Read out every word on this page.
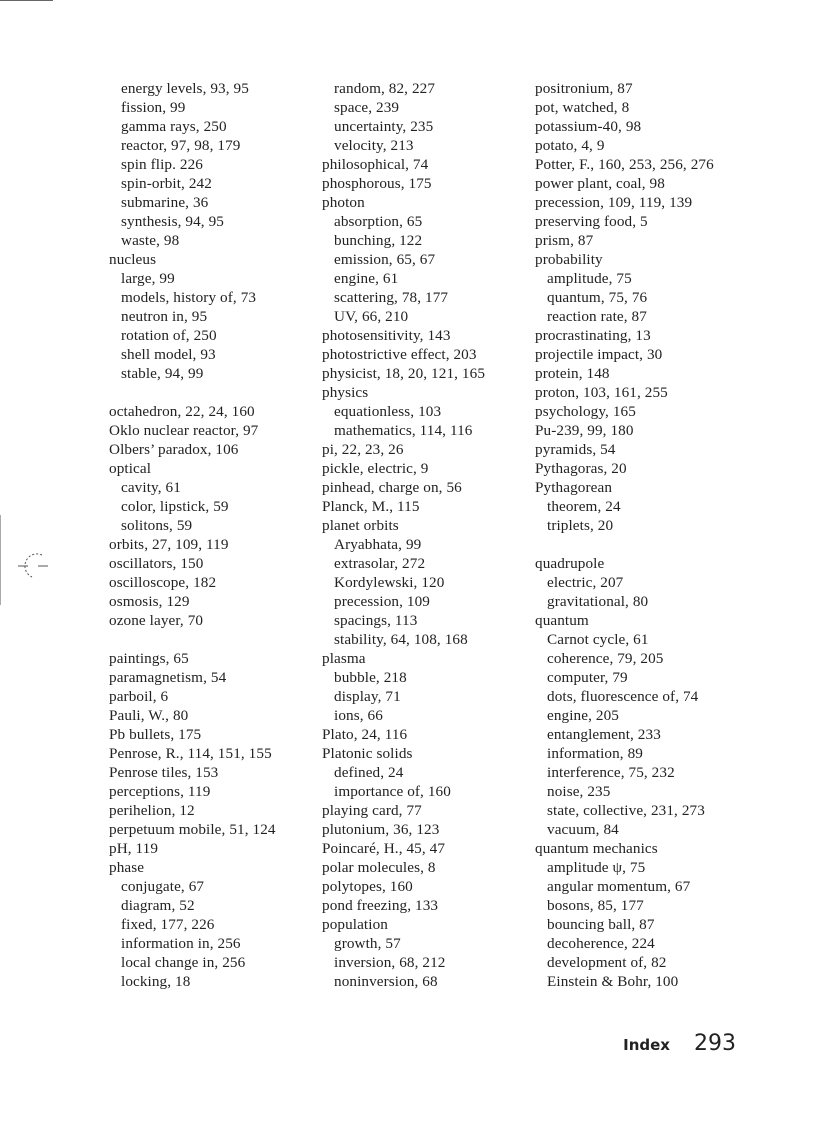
energy levels, 93, 95
fission, 99
gamma rays, 250
reactor, 97, 98, 179
spin flip. 226
spin-orbit, 242
submarine, 36
synthesis, 94, 95
waste, 98
nucleus
large, 99
models, history of, 73
neutron in, 95
rotation of, 250
shell model, 93
stable, 94, 99
octahedron, 22, 24, 160
Oklo nuclear reactor, 97
Olbers’ paradox, 106
optical
cavity, 61
color, lipstick, 59
solitons, 59
orbits, 27, 109, 119
oscillators, 150
oscilloscope, 182
osmosis, 129
ozone layer, 70
paintings, 65
paramagnetism, 54
parboil, 6
Pauli, W., 80
Pb bullets, 175
Penrose, R., 114, 151, 155
Penrose tiles, 153
perceptions, 119
perihelion, 12
perpetuum mobile, 51, 124
pH, 119
phase
conjugate, 67
diagram, 52
fixed, 177, 226
information in, 256
local change in, 256
locking, 18
random, 82, 227
space, 239
uncertainty, 235
velocity, 213
philosophical, 74
phosphorous, 175
photon
absorption, 65
bunching, 122
emission, 65, 67
engine, 61
scattering, 78, 177
UV, 66, 210
photosensitivity, 143
photostrictive effect, 203
physicist, 18, 20, 121, 165
physics
equationless, 103
mathematics, 114, 116
pi, 22, 23, 26
pickle, electric, 9
pinhead, charge on, 56
Planck, M., 115
planet orbits
Aryabhata, 99
extrasolar, 272
Kordylewski, 120
precession, 109
spacings, 113
stability, 64, 108, 168
plasma
bubble, 218
display, 71
ions, 66
Plato, 24, 116
Platonic solids
defined, 24
importance of, 160
playing card, 77
plutonium, 36, 123
Poincaré, H., 45, 47
polar molecules, 8
polytopes, 160
pond freezing, 133
population
growth, 57
inversion, 68, 212
noninversion, 68
positronium, 87
pot, watched, 8
potassium-40, 98
potato, 4, 9
Potter, F., 160, 253, 256, 276
power plant, coal, 98
precession, 109, 119, 139
preserving food, 5
prism, 87
probability
amplitude, 75
quantum, 75, 76
reaction rate, 87
procrastinating, 13
projectile impact, 30
protein, 148
proton, 103, 161, 255
psychology, 165
Pu-239, 99, 180
pyramids, 54
Pythagoras, 20
Pythagorean
theorem, 24
triplets, 20
quadrupole
electric, 207
gravitational, 80
quantum
Carnot cycle, 61
coherence, 79, 205
computer, 79
dots, fluorescence of, 74
engine, 205
entanglement, 233
information, 89
interference, 75, 232
noise, 235
state, collective, 231, 273
vacuum, 84
quantum mechanics
amplitude ψ, 75
angular momentum, 67
bosons, 85, 177
bouncing ball, 87
decoherence, 224
development of, 82
Einstein & Bohr, 100
Index 293
